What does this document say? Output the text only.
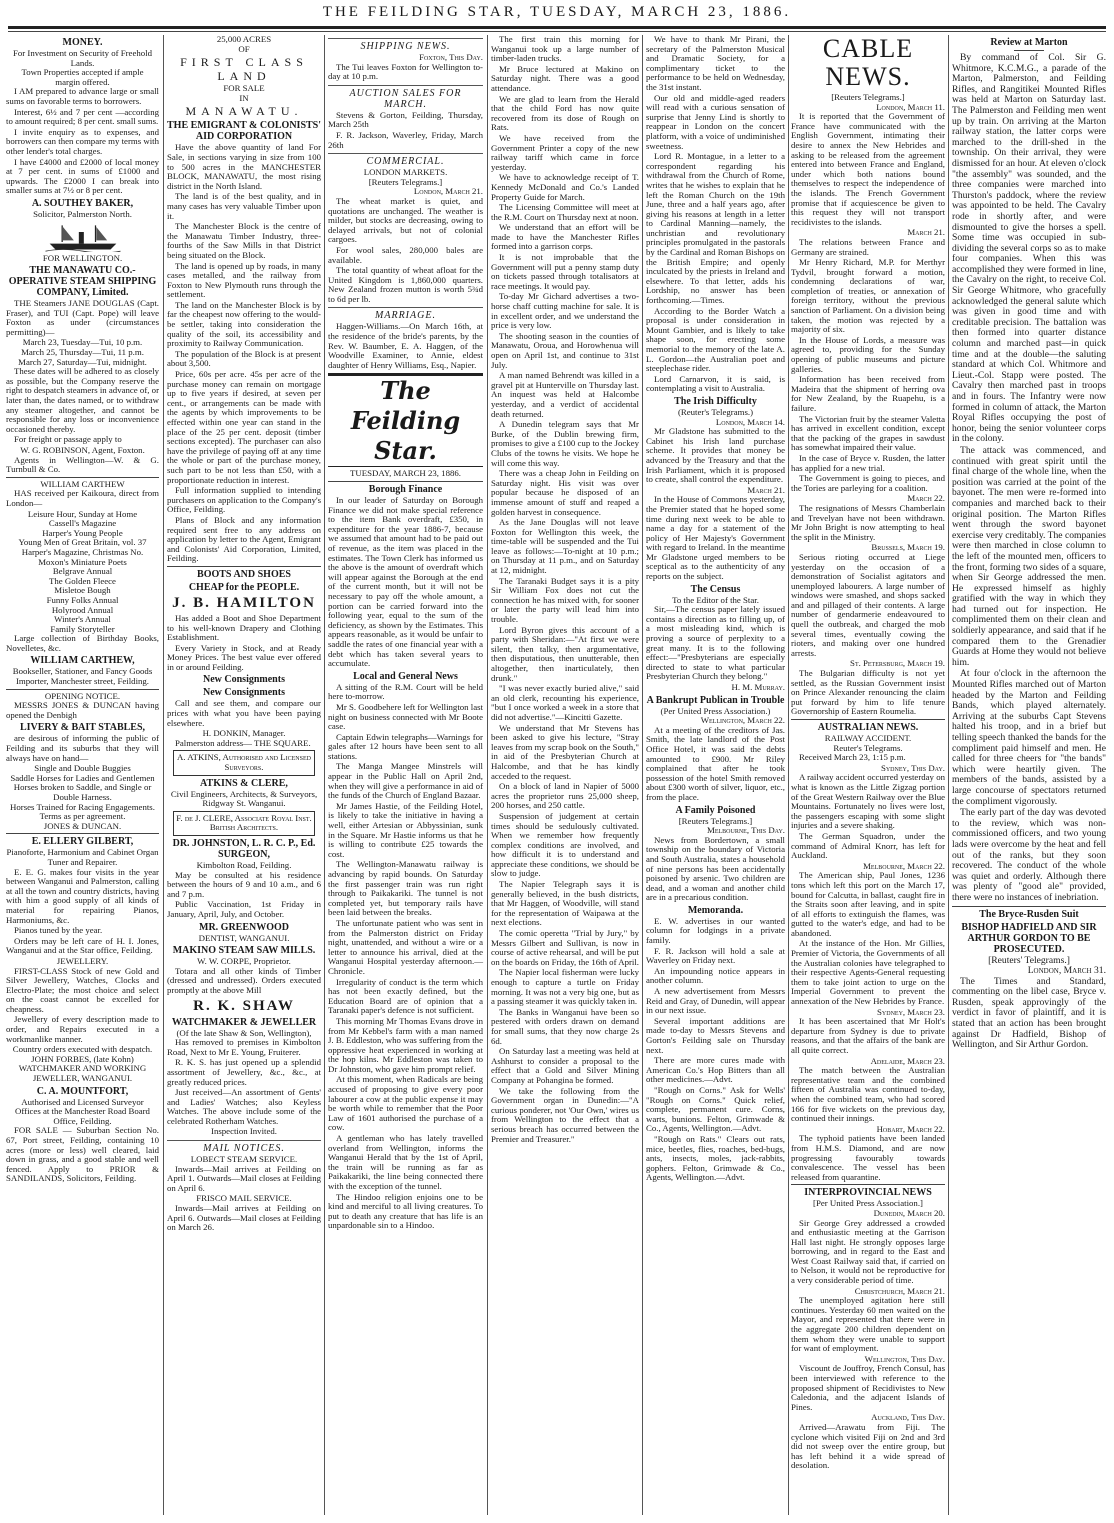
THE FEILDING STAR, TUESDAY, MARCH 23, 1886.
MONEY.
For Investment on Security of Freehold Lands.
Town Properties accepted if ample
margin offered.
I AM prepared to advance large or small sums on favorable terms to borrowers.
Interest, 6½ and 7 per cent —according to amount required; 8 per cent. small sums.
I invite enquiry as to expenses, and borrowers can then compare my terms with other lender's total charges.
I have £4000 and £2000 of local money at 7 per cent. in sums of £1000 and upwards. The £2000 I can break into smaller sums at 7½ or 8 per cent.
A. SOUTHEY BAKER,
Solicitor, Palmerston North.
FOR WELLINGTON.
THE MANAWATU CO.-OPERATIVE STEAM SHIPPING COMPANY, Limited.
THE Steamers JANE DOUGLAS (Capt. Fraser), and TUI (Capt. Pope) will leave Foxton as under (circumstances permitting)—
March 23, Tuesday—Tui, 10 p.m.
March 25, Thursday—Tui, 11 p.m.
March 27, Saturday—Tui, midnight.
These dates will be adhered to as closely as possible, but the Company reserve the right to despatch steamers in advance of, or later than, the dates named, or to withdraw any steamer altogether, and cannot be responsible for any loss or inconvenience occasioned thereby.
For freight or passage apply to
W. G. ROBINSON, Agent, Foxton.
Agents in Wellington—W. & G. Turnbull & Co.
WILLIAM CARTHEW
HAS received per Kaikoura, direct from London—
Leisure Hour, Sunday at Home
Cassell's Magazine
Harper's Young People
Young Men of Great Britain, vol. 37
Harper's Magazine, Christmas No.
Moxon's Miniature Poets
Belgrave Annual
The Golden Fleece
Misletoe Bough
Funny Folks Annual
Holyrood Annual
Winter's Annual
Family Storyteller
Large collection of Birthday Books, Novelletes, &c.
WILLIAM CARTHEW,
Bookseller, Stationer, and Fancy Goods Importer, Manchester street, Feilding.
OPENING NOTICE.
MESSRS JONES & DUNCAN having opened the Denbigh
LIVERY & BAIT STABLES,
are desirous of informing the public of Feilding and its suburbs that they will always have on hand—
Single and Double Buggies
Saddle Horses for Ladies and Gentlemen
Horses broken to Saddle, and Single or Double Harness.
Horses Trained for Racing Engagements.
Terms as per agreement.
JONES & DUNCAN.
E. ELLERY GILBERT,
Pianoforte, Harmonium and Cabinet Organ Tuner and Repairer.
E. E. G. makes four visits in the year between Wanganui and Palmerston, calling at all the town and country districts, having with him a good supply of all kinds of material for repairing Pianos, Harmoniums, &c.
Pianos tuned by the year.
Orders may be left care of H. I. Jones, Wanganui and at the Star office, Feilding.
JEWELLERY.
FIRST-CLASS Stock of new Gold and Silver Jewellery, Watches, Clocks and Electro-Plate; the most choice and select on the coast cannot be excelled for cheapness.
Jewellery of every description made to order, and Repairs executed in a workmanlike manner.
Country orders executed with despatch.
JOHN FORBES, (late Kohn) WATCHMAKER AND WORKING JEWELLER, WANGANUI.
C. A. MOUNTFORT,
Authorised and Licensed Surveyor
Offices at the Manchester Road Board Office, Feilding.
FOR SALE — Suburban Section No. 67, Port street, Feilding, containing 10 acres (more or less) well cleared, laid down in grass, and a good stable and well fenced. Apply to PRIOR & SANDILANDS, Solicitors, Feilding.
25,000 ACRES
OF
FIRST CLASS LAND
FOR SALE
IN
MANAWATU.
THE EMIGRANT & COLONISTS' AID CORPORATION
Have the above quantity of land For Sale, in sections varying in size from 100 to 500 acres in the MANCHESTER BLOCK, MANAWATU, the most rising district in the North Island.
The land is of the best quality, and in many cases has very valuable Timber upon it.
The Manchester Block is the centre of the Manawatu Timber Industry, three-fourths of the Saw Mills in that District being situated on the Block.
The land is opened up by roads, in many cases metalled, and the railway from Foxton to New Plymouth runs through the settlement.
The land on the Manchester Block is by far the cheapest now offering to the would-be settler, taking into consideration the quality of the soil, its accessibility and proximity to Railway Communication.
The population of the Block is at present about 3,500.
Price, 60s per acre. 45s per acre of the purchase money can remain on mortgage up to five years if desired, at seven per cent., or arrangements can be made with the agents by which improvements to be effected within one year can stand in the place of the 25 per cent. deposit (timber sections excepted). The purchaser can also have the privilege of paying off at any time the whole or part of the purchase money, such part to be not less than £50, with a proportionate reduction in interest.
Full information supplied to intending purchasers on application to the Company's Office, Feilding.
Plans of Block and any information required sent free to any address on application by letter to the Agent, Emigrant and Colonists' Aid Corporation, Limited, Feilding.
BOOTS AND SHOES
CHEAP for the PEOPLE.
J. B. HAMILTON
Has added a Boot and Shoe Department to his well-known Drapery and Clothing Establishment.
Every Variety in Stock, and at Ready Money Prices. The best value ever offered in or around Feilding.
New Consignments
New Consignments
Call and see them, and compare our prices with what you have been paying elsewhere.
H. DONKIN, Manager.
Palmerston address— THE SQUARE.
A. ATKINS, Authorised and Licensed Surveyors.
ATKINS & CLERE,
Civil Engineers, Architects, & Surveyors, Ridgway St. Wanganui.
F. de J. CLERE, Associate Royal Inst. British Architects.
DR. JOHNSTON, L. R. C. P., Ed. SURGEON,
Kimbolton Road, Feilding.
May be consulted at his residence between the hours of 9 and 10 a.m., and 6 and 7 p.m.
Public Vaccination, 1st Friday in January, April, July, and October.
MR. GREENWOOD
DENTIST, WANGANUI.
MAKINO STEAM SAW MILLS.
W. W. CORPE, Proprietor.
Totara and all other kinds of Timber (dressed and undressed). Orders executed promptly at the above Mill
R. K. SHAW
WATCHMAKER & JEWELLER
(Of the late Shaw & Son, Wellington),
Has removed to premises in Kimbolton Road, Next to Mr E. Young, Fruiterer.
R. K. S. has just opened up a splendid assortment of Jewellery, &c., &c., at greatly reduced prices.
Just received—An assortment of Gents' and Ladies' Watches; also Keyless Watches. The above include some of the celebrated Rotherham Watches.
Inspection Invited.
MAIL NOTICES.
LOBECT STEAM SERVICE.
Inwards—Mail arrives at Feilding on April 1. Outwards—Mail closes at Feilding on April 6.
FRISCO MAIL SERVICE.
Inwards—Mail arrives at Feilding on April 6. Outwards—Mail closes at Feilding on March 26.
SHIPPING NEWS.
Foxton, This Day.
The Tui leaves Foxton for Wellington to-day at 10 p.m.
AUCTION SALES FOR MARCH.
Stevens & Gorton, Feilding, Thursday, March 25th
F. R. Jackson, Waverley, Friday, March 26th
COMMERCIAL.
LONDON MARKETS.
[Reuters Telegrams.]
London, March 21.
The wheat market is quiet, and quotations are unchanged. The weather is milder, but stocks are decreasing, owing to delayed arrivals, but not of colonial cargoes.
For wool sales, 280,000 bales are available.
The total quantity of wheat afloat for the United Kingdom is 1,860,000 quarters. New Zealand frozen mutton is worth 5¾d to 6d per lb.
MARRIAGE.
Haggen-Williams.—On March 16th, at the residence of the bride's parents, by the Rev. W. Baumber, E. A. Haggen, of the Woodville Examiner, to Annie, eldest daughter of Henry Williams, Esq., Napier.
The Feilding Star.
TUESDAY, MARCH 23, 1886.
Borough Finance
In our leader of Saturday on Borough Finance we did not make special reference to the item Bank overdraft, £350, in expenditure for the year 1886-7, because we assumed that amount had to be paid out of revenue, as the item was placed in the estimates. The Town Clerk has informed us the above is the amount of overdraft which will appear against the Borough at the end of the current month, but it will not be necessary to pay off the whole amount, a portion can be carried forward into the following year, equal to the sum of the deficiency, as shown by the Estimates. This appears reasonable, as it would be unfair to saddle the rates of one financial year with a debt which has taken several years to accumulate.
Local and General News
A sitting of the R.M. Court will be held here to-morrow.
Mr S. Goodbehere left for Wellington last night on business connected with Mr Boote case.
Captain Edwin telegraphs—Warnings for gales after 12 hours have been sent to all stations.
The Manga Mangee Minstrels will appear in the Public Hall on April 2nd, when they will give a performance in aid of the funds of the Church of England Bazaar.
Mr James Hastie, of the Feilding Hotel, is likely to take the initiative in having a well, either Artesian or Abbyssinian, sunk in the Square. Mr Hastie informs us that he is willing to contribute £25 towards the cost.
The Wellington-Manawatu railway is advancing by rapid bounds. On Saturday the first passenger train was run right through to Paikakariki. The tunnel is not completed yet, but temporary rails have been laid between the breaks.
The unfortunate patient who was sent in from the Palmerston district on Friday night, unattended, and without a wire or a letter to announce his arrival, died at the Wanganui Hospital yesterday afternoon.—Chronicle.
Irregularity of conduct is the term which has not been exactly defined, but the Education Board are of opinion that a Taranaki paper's defence is not sufficient.
This morning Mr Thomas Evans drove in from Mr Kebbel's farm with a man named J. B. Eddleston, who was suffering from the oppressive heat experienced in working at the hop kilns. Mr Eddleston was taken to Dr Johnston, who gave him prompt relief.
At this moment, when Radicals are being accused of proposing to give every poor labourer a cow at the public expense it may be worth while to remember that the Poor Law of 1601 authorised the purchase of a cow.
A gentleman who has lately travelled overland from Wellington, informs the Wanganui Herald that by the 1st of April, the train will be running as far as Paikakariki, the line being connected there with the exception of the tunnel.
The Hindoo religion enjoins one to be kind and merciful to all living creatures. To put to death any creature that has life is an unpardonable sin to a Hindoo.
The first train this morning for Wanganui took up a large number of timber-laden trucks.
Mr Bruce lectured at Makino on Saturday night. There was a good attendance.
We are glad to learn from the Herald that the child Ford has now quite recovered from its dose of Rough on Rats.
We have received from the Government Printer a copy of the new railway tariff which came in force yesterday.
We have to acknowledge receipt of T. Kennedy McDonald and Co.'s Landed Property Guide for March.
The Licensing Committee will meet at the R.M. Court on Thursday next at noon.
We understand that an effort will be made to have the Manchester Rifles formed into a garrison corps.
It is not improbable that the Government will put a penny stamp duty on tickets passed through totalisators at race meetings. It would pay.
To-day Mr Gichard advertises a two-horse chaff cutting machine for sale. It is in excellent order, and we understand the price is very low.
The shooting season in the counties of Manawatu, Oroua, and Horowhenua will open on April 1st, and continue to 31st July.
A man named Behrendt was killed in a gravel pit at Hunterville on Thursday last. An inquest was held at Halcombe yesterday, and a verdict of accidental death returned.
A Dunedin telegram says that Mr Burke, of the Dublin brewing firm, promises to give a £100 cup to the Jockey Clubs of the towns he visits. We hope he will come this way.
There was a cheap John in Feilding on Saturday night. His visit was over popular because he disposed of an immense amount of stuff and reaped a golden harvest in consequence.
As the Jane Douglas will not leave Foxton for Wellington this week, the time-table will be suspended and the Tui leave as follows:—To-night at 10 p.m.; on Thursday at 11 p.m., and on Saturday at 12, midnight.
The Taranaki Budget says it is a pity Sir William Fox does not cut the connection he has mixed with, for sooner or later the party will lead him into trouble.
Lord Byron gives this account of a party with Sheridan:—"At first we were silent, then talky, then argumentative, then disputatious, then unutterable, then altogether, then inarticulately, then drunk."
"I was never exactly buried alive," said an old clerk, recounting his experience, "but I once worked a week in a store that did not advertise."—Kincitti Gazette.
We understand that Mr Stevens has been asked to give his lecture, "Stray leaves from my scrap book on the South," in aid of the Presbyterian Church at Halcombe, and that he has kindly acceded to the request.
On a block of land in Napier of 5000 acres the proprietor runs 25,000 sheep, 200 horses, and 250 cattle.
Suspension of judgement at certain times should be sedulously cultivated. When we remember how frequently complex conditions are involved, and how difficult it is to understand and appreciate these conditions, we should be slow to judge.
The Napier Telegraph says it is generally believed, in the bush districts, that Mr Haggen, of Woodville, will stand for the representation of Waipawa at the next elections.
The comic operetta "Trial by Jury," by Messrs Gilbert and Sullivan, is now in course of active rehearsal, and will be put on the boards on Friday, the 16th of April.
The Napier local fisherman were lucky enough to capture a turtle on Friday morning. It was not a very big one, but as a passing steamer it was quickly taken in.
The Banks in Wanganui have been so pestered with orders drawn on demand for small sums, that they now charge 2s 6d.
On Saturday last a meeting was held at Ashhurst to consider a proposal to the effect that a Gold and Silver Mining Company at Pohangina be formed.
We take the following from the Government organ in Dunedin:—"A curious ponderer, not 'Our Own,' wires us from Wellington to the effect that a serious breach has occurred between the Premier and Treasurer."
We have to thank Mr Pirani, the secretary of the Palmerston Musical and Dramatic Society, for a complimentary ticket to the performance to be held on Wednesday, the 31st instant.
Our old and middle-aged readers will read with a curious sensation of surprise that Jenny Lind is shortly to reappear in London on the concert platform, with a voice of undiminished sweetness.
Lord R. Montague, in a letter to a correspondent regarding his withdrawal from the Church of Rome, writes that he wishes to explain that he left the Roman Church on the 19th June, three and a half years ago, after giving his reasons at length in a letter to Cardinal Manning—namely, the unchristian and revolutionary principles promulgated in the pastorals by the Cardinal and Roman Bishops on the British Empire; and openly inculcated by the priests in Ireland and elsewhere. To that letter, adds his Lordship, no answer has been forthcoming.—Times.
According to the Border Watch a proposal is under consideration in Mount Gambier, and is likely to take shape soon, for erecting some memorial to the memory of the late A. L. Gordon—the Australian poet and steeplechase rider.
Lord Carnarvon, it is said, is contemplating a visit to Australia.
The Irish Difficulty
(Reuter's Telegrams.)
London, March 14.
Mr Gladstone has submitted to the Cabinet his Irish land purchase scheme. It provides that money be advanced by the Treasury and that the Irish Parliament, which it is proposed to create, shall control the expenditure.
March 21.
In the House of Commons yesterday, the Premier stated that he hoped some time during next week to be able to name a day for a statement of the policy of Her Majesty's Government with regard to Ireland. In the meantime Mr Gladstone urged members to be sceptical as to the authenticity of any reports on the subject.
The Census
To the Editor of the Star.
Sir,—The census paper lately issued contains a direction as to filling up, of a most misleading kind, which is proving a source of perplexity to a great many. It is to the following effect:—"Presbyterians are especially directed to state to what particular Presbyterian Church they belong."
H. M. Murray.
A Bankrupt Publican in Trouble
(Per United Press Association.)
Wellington, March 22.
At a meeting of the creditors of Jas. Smith, the late landlord of the Post Office Hotel, it was said the debts amounted to £900. Mr Riley complained that after he took possession of the hotel Smith removed about £300 worth of silver, liquor, etc., from the place.
A Family Poisoned
[Reuters Telegrams.]
Melbourne, This Day.
News from Bordertown, a small township on the boundary of Victoria and South Australia, states a household of nine persons has been accidentally poisoned by arsenic. Two children are dead, and a woman and another child are in a precarious condition.
Memoranda.
E. W. advertises in our wanted column for lodgings in a private family.
F. R. Jackson will hold a sale at Waverley on Friday next.
An impounding notice appears in another column.
A new advertisement from Messrs Reid and Gray, of Dunedin, will appear in our next issue.
Several important additions are made to-day to Messrs Stevens and Gorton's Feilding sale on Thursday next.
There are more cures made with American Co.'s Hop Bitters than all other medicines.—Advt.
"Rough on Corns." Ask for Wells' "Rough on Corns." Quick relief, complete, permanent cure. Corns, warts, bunions. Felton, Grimwade & Co., Agents, Wellington.—Advt.
"Rough on Rats." Clears out rats, mice, beetles, flies, roaches, bed-bugs, ants, insects, moles, jack-rabbits, gophers. Felton, Grimwade & Co., Agents, Wellington.—Advt.
CABLE NEWS.
[Reuters Telegrams.]
London, March 11.
It is reported that the Government of France have communicated with the English Government, intimating their desire to annex the New Hebrides and asking to be released from the agreement entered into between France and England, under which both nations bound themselves to respect the independence of the islands. The French Government promise that if acquiescence be given to this request they will not transport recidivistes to the islands.
March 21.
The relations between France and Germany are strained.
Mr Henry Richard, M.P. for Merthyr Tydvil, brought forward a motion, condemning declarations of war, completion of treaties, or annexation of foreign territory, without the previous sanction of Parliament. On a division being taken, the motion was rejected by a majority of six.
In the House of Lords, a measure was agreed to, providing for the Sunday opening of public museums and picture galleries.
Information has been received from Madeira that the shipment of herring ova for New Zealand, by the Ruapehu, is a failure.
The Victorian fruit by the steamer Valetta has arrived in excellent condition, except that the packing of the grapes in sawdust has somewhat impaired their value.
In the case of Bryce v. Rusden, the latter has applied for a new trial.
The Government is going to pieces, and the Tories are parleying for a coalition.
March 22.
The resignations of Messrs Chamberlain and Trevelyan have not been withdrawn. Mr John Bright is now attempting to heal the split in the Ministry.
Brussels, March 19.
Serious rioting occurred at Liege yesterday on the occasion of a demonstration of Socialist agitators and unemployed labourers. A large number of windows were smashed, and shops sacked and and pillaged of their contents. A large number of gendarmerie endeavoured to quell the outbreak, and charged the mob several times, eventually cowing the rioters, and making over one hundred arrests.
St. Petersburg, March 19.
The Bulgarian difficulty is not yet settled, as the Russian Government insist on Prince Alexander renouncing the claim put forward by him to life tenure Governorship of Eastern Roumelia.
AUSTRALIAN NEWS.
RAILWAY ACCIDENT.
Reuter's Telegrams.
Received March 23, 1:15 p.m.
Sydney, This Day.
A railway accident occurred yesterday on what is known as the Little Zigzag portion of the Great Western Railway over the Blue Mountains. Fortunately no lives were lost, the passengers escaping with some slight injuries and a severe shaking.
The German Squadron, under the command of Admiral Knorr, has left for Auckland.
Melbourne, March 22.
The American ship, Paul Jones, 1236 tons which left this port on the March 17, bound for Calcutta, in ballast, caught fire in the Straits soon after leaving, and in spite of all efforts to extinguish the flames, was gutted to the water's edge, and had to be abandoned.
At the instance of the Hon. Mr Gillies, Premier of Victoria, the Governments of all the Australian colonies have telegraphed to their respective Agents-General requesting them to take joint action to urge on the Imperial Government to prevent the annexation of the New Hebrides by France.
Sydney, March 23.
It has been ascertained that Mr Holt's departure from Sydney is due to private reasons, and that the affairs of the bank are all quite correct.
Adelaide, March 23.
The match between the Australian representative team and the combined fifteen of Australia was continued to-day, when the combined team, who had scored 166 for five wickets on the previous day, continued their innings.
Hobart, March 22.
The typhoid patients have been landed from H.M.S. Diamond, and are now progressing favourably towards convalescence. The vessel has been released from quarantine.
INTERPROVINCIAL NEWS
[Per United Press Association.]
Dunedin, March 20.
Sir George Grey addressed a crowded and enthusiastic meeting at the Garrison Hall last night. He strongly opposes large borrowing, and in regard to the East and West Coast Railway said that, if carried on to Nelson, it would not be reproductive for a very considerable period of time.
Christchurch, March 21.
The unemployed agitation here still continues. Yesterday 60 men waited on the Mayor, and represented that there were in the aggregate 200 children dependent on them whom they were unable to support for want of employment.
Wellington, This Day.
Viscount de Jouffroy, French Consul, has been interviewed with reference to the proposed shipment of Recidivistes to New Caledonia, and the adjacent Islands of Pines.
Auckland, This Day.
Arrived—Arawatu from Fiji. The cyclone which visited Fiji on 2nd and 3rd did not sweep over the entire group, but has left behind it a wide spread of desolation.
Review at Marton
By command of Col. Sir G. Whitmore, K.C.M.G., a parade of the Marton, Palmerston, and Feilding Rifles, and Rangitikei Mounted Rifles was held at Marton on Saturday last. The Palmerston and Feilding men went up by train. On arriving at the Marton railway station, the latter corps were marched to the drill-shed in the township. On their arrival, they were dismissed for an hour. At eleven o'clock "the assembly" was sounded, and the three companies were marched into Thurston's paddock, where the review was appointed to be held. The Cavalry rode in shortly after, and were dismounted to give the horses a spell. Some time was occupied in sub-dividing the several corps so as to make four companies. When this was accomplished they were formed in line, the Cavalry on the right, to receive Col. Sir George Whitmore, who gracefully acknowledged the general salute which was given in good time and with creditable precision. The battalion was then formed into quarter distance column and marched past—in quick time and at the double—the saluting standard at which Col. Whitmore and Lieut.-Col. Stapp were posted. The Cavalry then marched past in troops and in fours. The Infantry were now formed in column of attack, the Marton Royal Rifles occupying the post of honor, being the senior volunteer corps in the colony.
The attack was commenced, and continued with great spirit until the final charge of the whole line, when the position was carried at the point of the bayonet. The men were re-formed into companies and marched back to their original position. The Marton Rifles went through the sword bayonet exercise very creditably. The companies were then marched in close column to the left of the mounted men, officers to the front, forming two sides of a square, when Sir George addressed the men. He expressed himself as highly gratified with the way in which they had turned out for inspection. He complimented them on their clean and soldierly appearance, and said that if he compared them to the Grenadier Guards at Home they would not believe him.
At four o'clock in the afternoon the Mounted Rifles marched out of Marton headed by the Marton and Feilding Bands, which played alternately. Arriving at the suburbs Capt Stevens halted his troop, and in a brief but telling speech thanked the bands for the compliment paid himself and men. He called for three cheers for "the bands" which were heartily given. The members of the bands, assisted by a large concourse of spectators returned the compliment vigorously.
The early part of the day was devoted to the review, which was non-commissioned officers, and two young lads were overcome by the heat and fell out of the ranks, but they soon recovered. The conduct of the whole was quiet and orderly. Although there was plenty of "good ale" provided, there were no instances of inebriation.
The Bryce-Rusden Suit
BISHOP HADFIELD AND SIR ARTHUR GORDON TO BE PROSECUTED.
[Reuters' Telegrams.]
London, March 31.
The Times and Standard, commenting on the libel case, Bryce v. Rusden, speak approvingly of the verdict in favor of plaintiff, and it is stated that an action has been brought against Dr Hadfield, Bishop of Wellington, and Sir Arthur Gordon.
